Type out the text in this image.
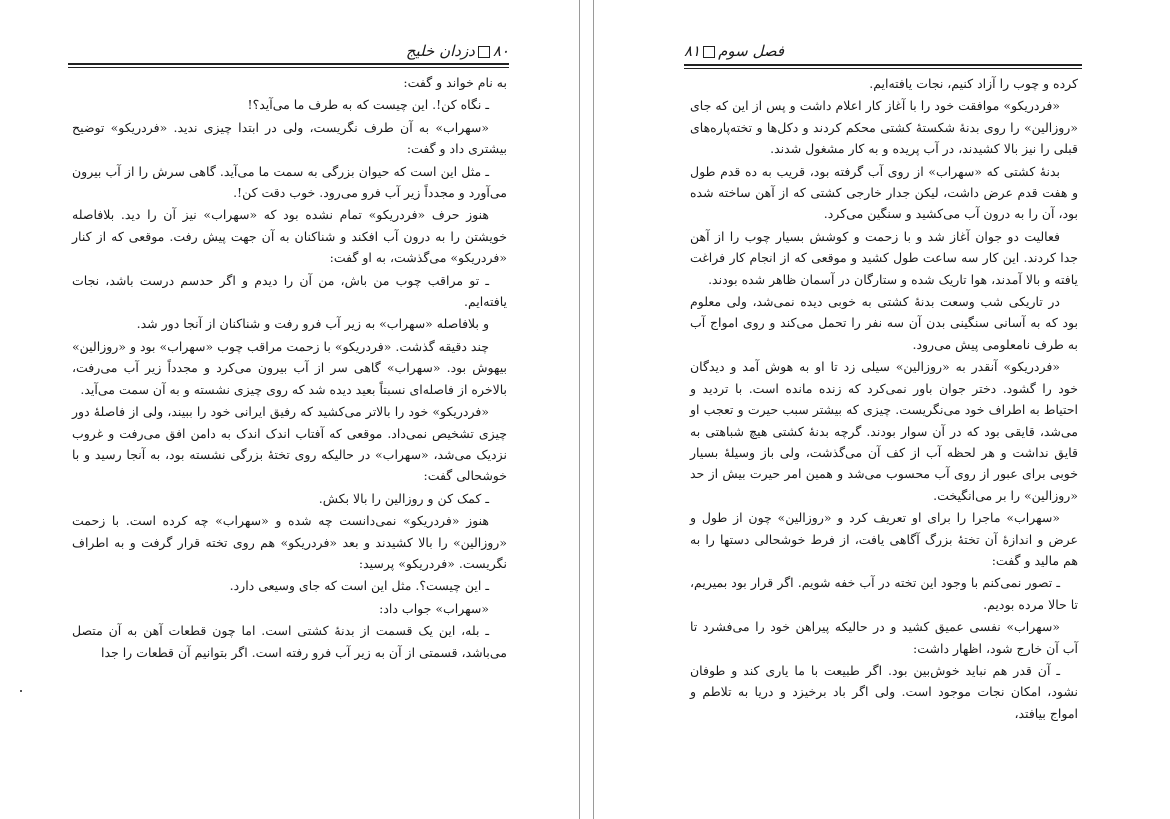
۸۰دزدان خلیج

به نام خواند و گفت:

ـ نگاه کن!. این چیست که به طرف ما می‌آید؟!

«سهراب» به آن طرف نگریست، ولی در ابتدا چیزی ندید. «فردریکو» توضیح بیشتری داد و گفت:

ـ مثل این است که حیوان بزرگی به سمت ما می‌آید. گاهی سرش را از آب بیرون می‌آورد و مجدداً زیر آب فرو می‌رود. خوب دقت کن!.

هنوز حرف «فردریکو» تمام نشده بود که «سهراب» نیز آن را دید. بلافاصله خویشتن را به درون آب افکند و شناکنان به آن جهت پیش رفت. موقعی که از کنار «فردریکو» می‌گذشت، به او گفت:

ـ تو مراقب چوب من باش، من آن را دیدم و اگر حدسم درست باشد، نجات یافته‌ایم.

و بلافاصله «سهراب» به زیر آب فرو رفت و شناکنان از آنجا دور شد.

چند دقیقه گذشت. «فردریکو» با زحمت مراقب چوب «سهراب» بود و «روزالین» بیهوش بود. «سهراب» گاهی سر از آب بیرون می‌کرد و مجدداً زیر آب می‌رفت، بالاخره از فاصله‌ای نسبتاً بعید دیده شد که روی چیزی نشسته و به آن سمت می‌آید.

«فردریکو» خود را بالاتر می‌کشید که رفیق ایرانی خود را ببیند، ولی از فاصلهٔ دور چیزی تشخیص نمی‌داد. موقعی که آفتاب اندک اندک به دامن افق می‌رفت و غروب نزدیک می‌شد، «سهراب» در حالیکه روی تختهٔ بزرگی نشسته بود، به آنجا رسید و با خوشحالی گفت:

ـ کمک کن و روزالین را بالا بکش.

هنوز «فردریکو» نمی‌دانست چه شده و «سهراب» چه کرده است. با زحمت «روزالین» را بالا کشیدند و بعد «فردریکو» هم روی تخته قرار گرفت و به اطراف نگریست. «فردریکو» پرسید:

ـ این چیست؟. مثل این است که جای وسیعی دارد.

«سهراب» جواب داد:

ـ بله، این یک قسمت از بدنهٔ کشتی است. اما چون قطعات آهن به آن متصل می‌باشد، قسمتی از آن به زیر آب فرو رفته است. اگر بتوانیم آن قطعات را جدا

فصل سوم۸۱

کرده و چوب را آزاد کنیم، نجات یافته‌ایم.

«فردریکو» موافقت خود را با آغاز کار اعلام داشت و پس از این که جای «روزالین» را روی بدنهٔ شکستهٔ کشتی محکم کردند و دکل‌ها و تخته‌پاره‌های قبلی را نیز بالا کشیدند، در آب پریده و به کار مشغول شدند.

بدنهٔ کشتی که «سهراب» از روی آب گرفته بود، قریب به ده قدم طول و هفت قدم عرض داشت، لیکن جدار خارجی کشتی که از آهن ساخته شده بود، آن را به درون آب می‌کشید و سنگین می‌کرد.

فعالیت دو جوان آغاز شد و با زحمت و کوشش بسیار چوب را از آهن جدا کردند. این کار سه ساعت طول کشید و موقعی که از انجام کار فراغت یافته و بالا آمدند، هوا تاریک شده و ستارگان در آسمان ظاهر شده بودند.

در تاریکی شب وسعت بدنهٔ کشتی به خوبی دیده نمی‌شد، ولی معلوم بود که به آسانی سنگینی بدن آن سه نفر را تحمل می‌کند و روی امواج آب به طرف نامعلومی پیش می‌رود.

«فردریکو» آنقدر به «روزالین» سیلی زد تا او به هوش آمد و دیدگان خود را گشود. دختر جوان باور نمی‌کرد که زنده مانده است. با تردید و احتیاط به اطراف خود می‌نگریست. چیزی که بیشتر سبب حیرت و تعجب او می‌شد، قایقی بود که در آن سوار بودند. گرچه بدنهٔ کشتی هیچ شباهتی به قایق نداشت و هر لحظه آب از کف آن می‌گذشت، ولی باز وسیلهٔ بسیار خوبی برای عبور از روی آب محسوب می‌شد و همین امر حیرت بیش از حد «روزالین» را بر می‌انگیخت.

«سهراب» ماجرا را برای او تعریف کرد و «روزالین» چون از طول و عرض و اندازهٔ آن تختهٔ بزرگ آگاهی یافت، از فرط خوشحالی دستها را به هم مالید و گفت:

ـ تصور نمی‌کنم با وجود این تخته در آب خفه شویم. اگر قرار بود بمیریم، تا حالا مرده بودیم.

«سهراب» نفسی عمیق کشید و در حالیکه پیراهن خود را می‌فشرد تا آب آن خارج شود، اظهار داشت:

ـ آن قدر هم نباید خوش‌بین بود. اگر طبیعت با ما یاری کند و طوفان نشود، امکان نجات موجود است. ولی اگر باد برخیزد و دریا به تلاطم و امواج بیافتد،
